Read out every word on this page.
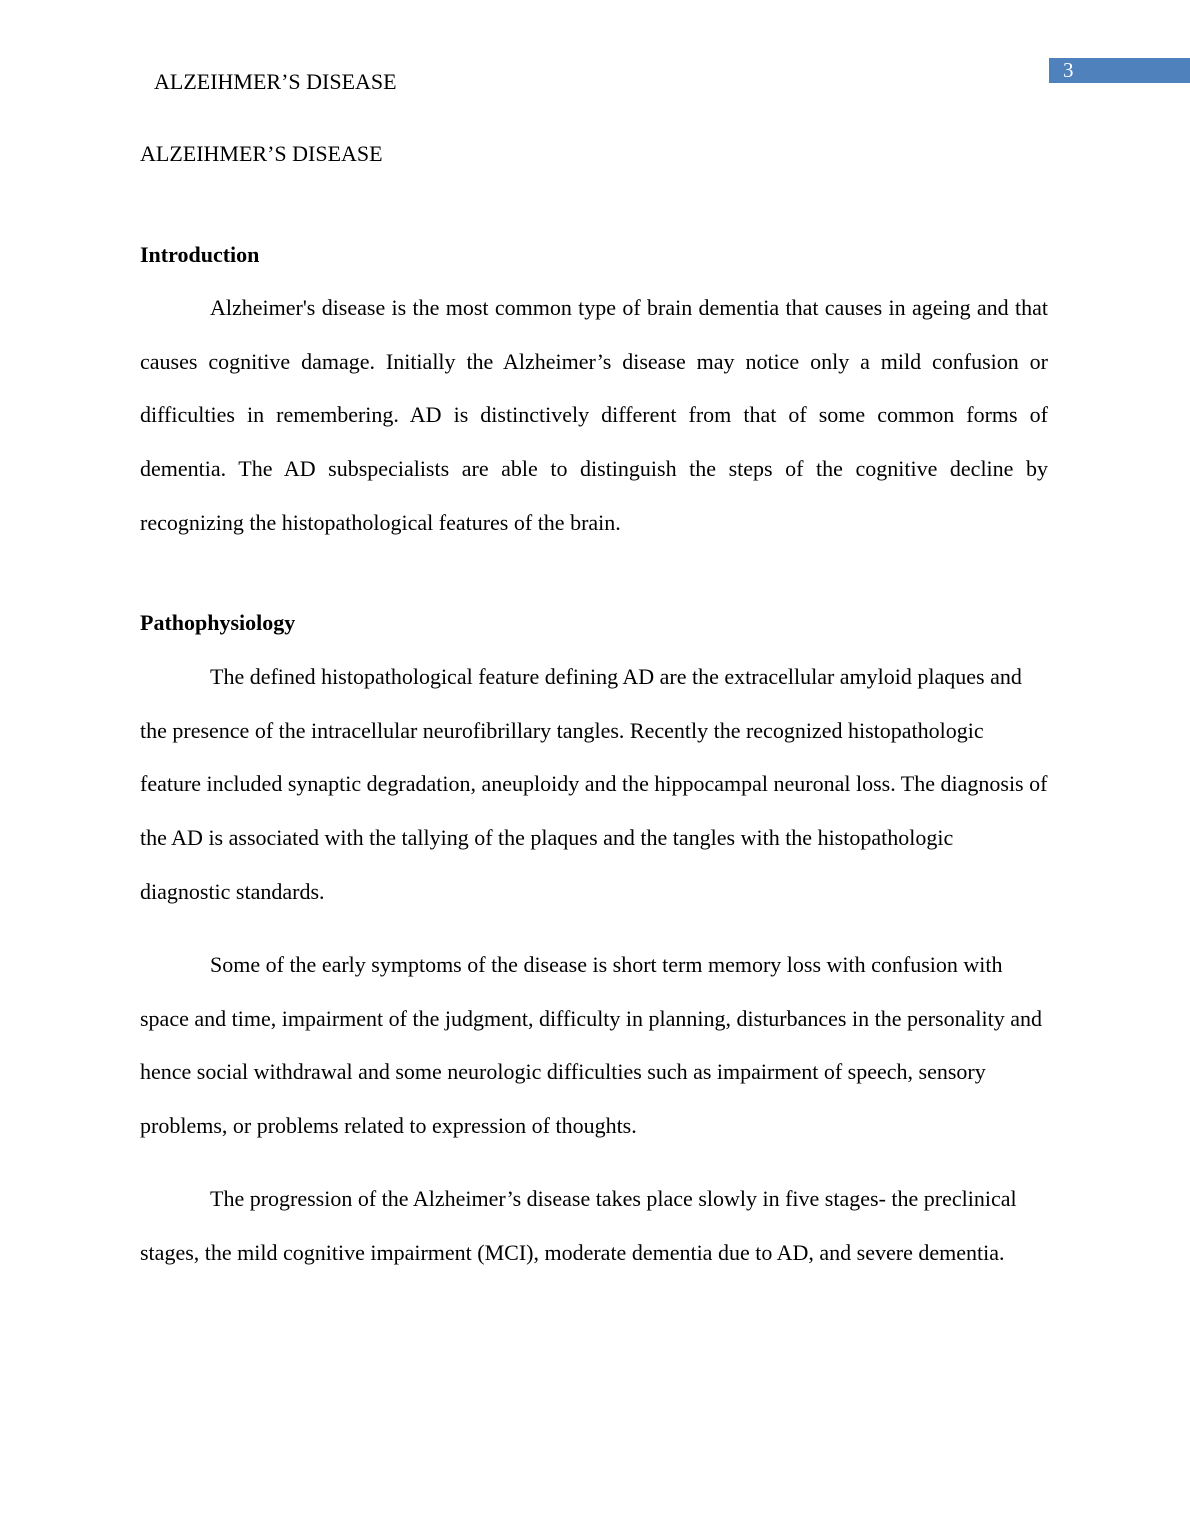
3
ALZEIHMER’S DISEASE
ALZEIHMER’S DISEASE
Introduction

Alzheimer's disease is the most common type of brain dementia that causes in ageing and that causes cognitive damage. Initially the Alzheimer’s disease may notice only a mild confusion or difficulties in remembering. AD is distinctively different from that of some common forms of dementia. The AD subspecialists are able to distinguish the steps of the cognitive decline by recognizing the histopathological features of the brain.

Pathophysiology

The defined histopathological feature defining AD are the extracellular amyloid plaques and the presence of the intracellular neurofibrillary tangles. Recently the recognized histopathologic feature included synaptic degradation, aneuploidy and the hippocampal neuronal loss. The diagnosis of the AD is associated with the tallying of the plaques and the tangles with the histopathologic diagnostic standards.

Some of the early symptoms of the disease is short term memory loss with confusion with space and time, impairment of the judgment, difficulty in planning, disturbances in the personality and hence social withdrawal and some neurologic difficulties such as impairment of speech, sensory problems, or problems related to expression of thoughts.

The progression of the Alzheimer’s disease takes place slowly in five stages- the preclinical stages, the mild cognitive impairment (MCI), moderate dementia due to AD, and severe dementia.
